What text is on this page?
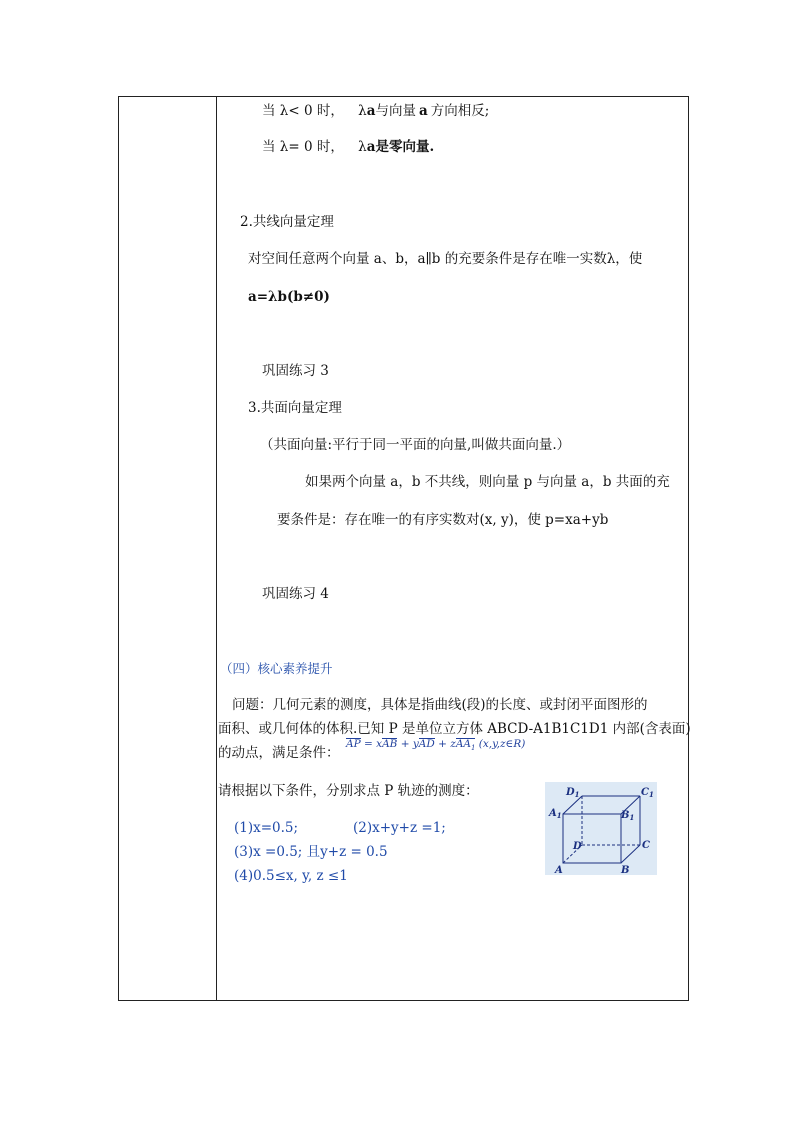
当 λ< 0 时， λa与向量 a 方向相反;
当 λ= 0 时， λa是零向量.
2.共线向量定理
对空间任意两个向量 a、b，a∥b 的充要条件是存在唯一实数λ，使
a=λb(b≠0)
巩固练习 3
3.共面向量定理
（共面向量:平行于同一平面的向量,叫做共面向量.）
如果两个向量 a，b 不共线，则向量 p 与向量 a，b 共面的充
要条件是：存在唯一的有序实数对(x, y)，使 p=xa+yb
巩固练习 4
（四）核心素养提升
问题：几何元素的测度，具体是指曲线(段)的长度、或封闭平面图形的
面积、或几何体的体积.已知 P 是单位立方体 ABCD-A1B1C1D1 内部(含表面)
的动点，满足条件：
AP = xAB + yAD + zAA$_1$ (x,y,z∈R)
请根据以下条件，分别求点 P 轨迹的测度：
(1)x=0.5;	(2)x+y+z =1;
(3)x =0.5; 且y+z = 0.5
(4)0.5≤x, y, z ≤1
$D_1$	$C_1$
$A_1$	$B_1$
D	C
A	B
